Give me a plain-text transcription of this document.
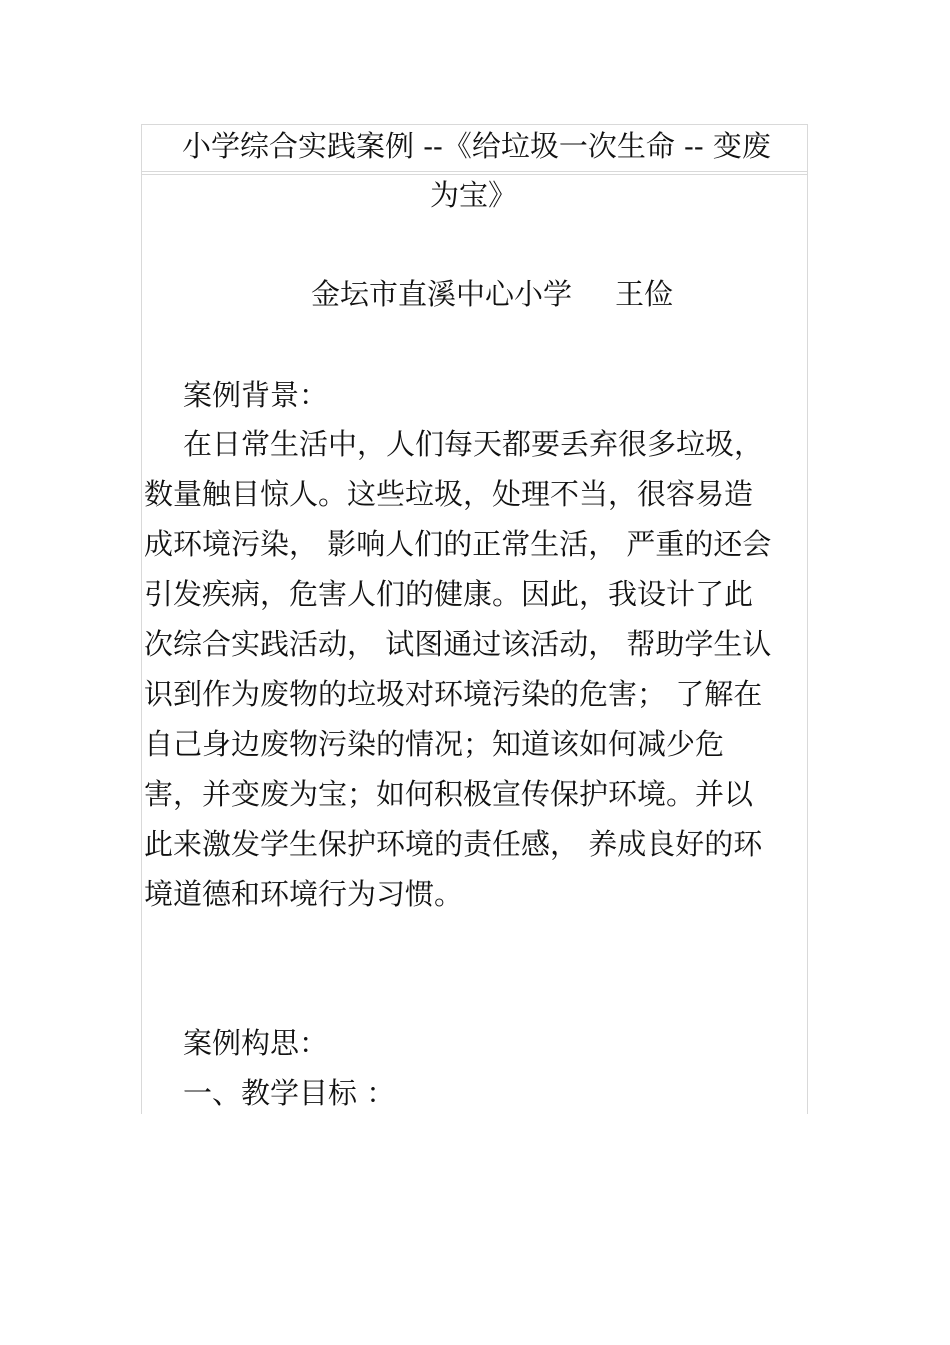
小学综合实践案例 --《给垃圾一次生命 -- 变废
为宝》
金坛市直溪中心小学 王俭
案例背景：
在日常生活中，人们每天都要丢弃很多垃圾，
数量触目惊人。这些垃圾，处理不当，很容易造
成环境污染， 影响人们的正常生活， 严重的还会
引发疾病，危害人们的健康。因此，我设计了此
次综合实践活动， 试图通过该活动， 帮助学生认
识到作为废物的垃圾对环境污染的危害； 了解在
自己身边废物污染的情况；知道该如何减少危
害，并变废为宝；如何积极宣传保护环境。并以
此来激发学生保护环境的责任感， 养成良好的环
境道德和环境行为习惯。
案例构思：
一、教学目标 ：
